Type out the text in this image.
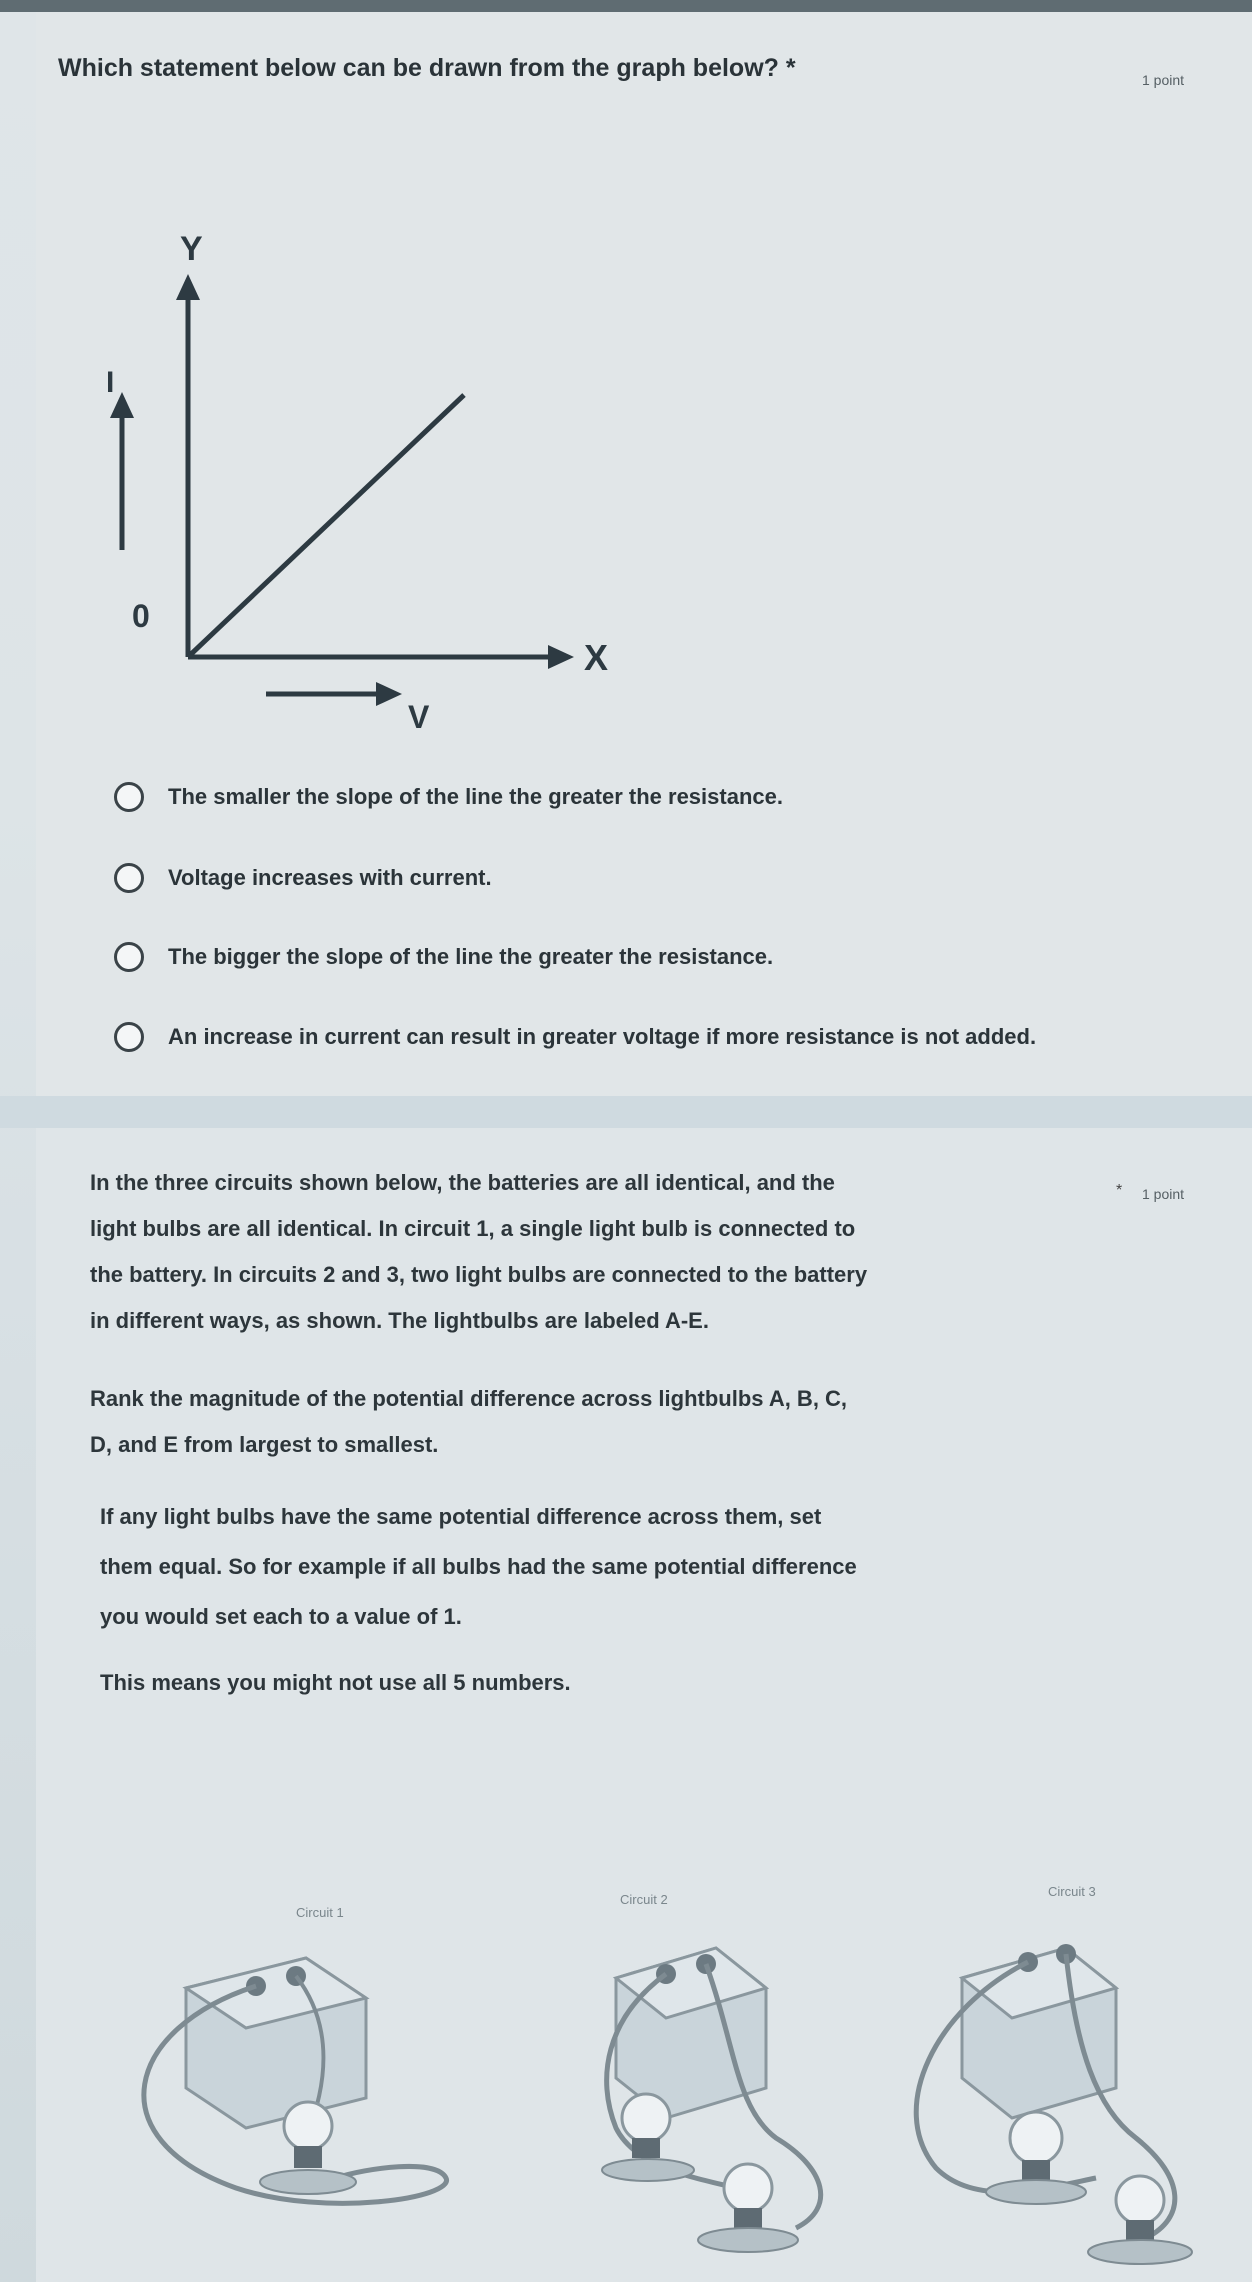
Which statement below can be drawn from the graph below? *	1 point
Y
X
I
V
0
The smaller the slope of the line the greater the resistance.
Voltage increases with current.
The bigger the slope of the line the greater the resistance.
An increase in current can result in greater voltage if more resistance is not added.
* 1 point
In the three circuits shown below, the batteries are all identical, and the
light bulbs are all identical. In circuit 1, a single light bulb is connected to
the battery. In circuits 2 and 3, two light bulbs are connected to the battery
in different ways, as shown. The lightbulbs are labeled A-E.
Rank the magnitude of the potential difference across lightbulbs A, B, C,
D, and E from largest to smallest.
If any light bulbs have the same potential difference across them, set
them equal. So for example if all bulbs had the same potential difference
you would set each to a value of 1.
This means you might not use all 5 numbers.
Circuit 1
Circuit 2
Circuit 3
